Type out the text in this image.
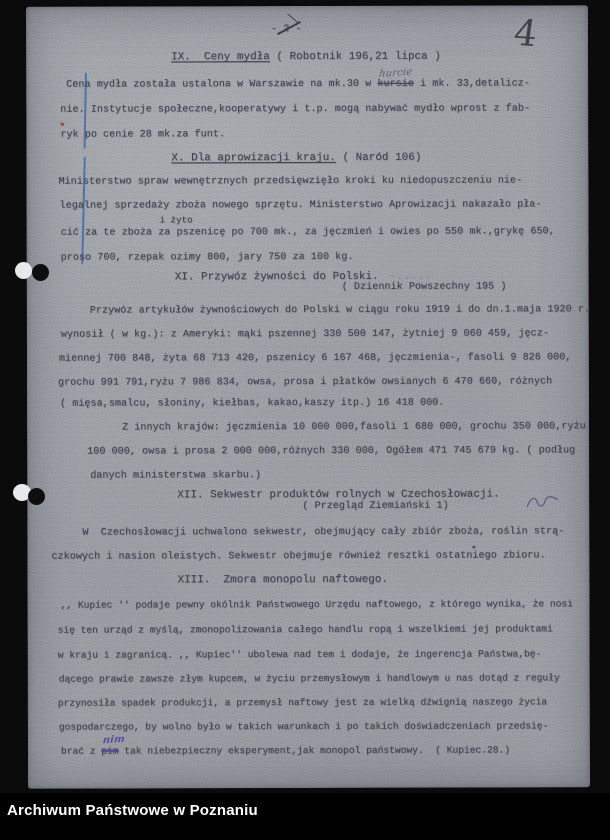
4
- 2 -
IX.  Ceny mydła ( Robotnik 196,21 lipca )
Cena mydła została ustalona w Warszawie na mk.30 w
hurcie
kursie i mk. 33,detalicz-
nie. Instytucje społeczne,kooperatywy i t.p. mogą nabywać mydło wprost z fab-
ryk po cenie 28 mk.za funt.
X. Dla aprowizacji kraju. ( Naród 106)
Ministerstwo spraw wewnętrznych przedsięwzięło kroki ku niedopuszczeniu nie-
legalnej sprzedaży zboża nowego sprzętu. Ministerstwo Aprowizacji nakazało pła-
i żyto
cić za te zboża za pszenicę po 700 mk., za jęczmień i owies po 550 mk.,grykę 650,
proso 700, rzepak ozimy 800, jary 750 za 100 kg.
XI. Przywóz żywności do Polski.   – . . . . .
( Dziennik Powszechny 195 )
Przywóz artykułów żywnościowych do Polski w ciągu roku 1919 i do dn.1.maja 1920 r.
wynosił ( w kg.): z Ameryki: mąki pszennej 330 500 147, żytniej 9 060 459, jęcz-
miennej 700 848, żyta 68 713 420, pszenicy 6 167 468, jęczmienia-, fasoli 9 826 000,
grochu 991 791,ryżu 7 986 834, owsa, prosa i płatków owsianych 6 470 660, różnych
( mięsa,smalcu, słoniny, kiełbas, kakao,kaszy itp.) 16 418 000.
Z innych krajów: jęczmienia 10 000 000,fasoli 1 680 000, grochu 350 000,ryżu
100 000, owsa i prosa 2 000 000,różnych 330 000, Ogółem 471 745 679 kg. ( podług
danych ministerstwa skarbu.)
XII. Sekwestr produktów rolnych w Czechosłowacji.
( Przegląd Ziemiański 1)
W  Czechosłowacji uchwalono sekwestr, obejmujący cały zbiór zboża, roślin strą-
czkowych i nasion oleistych. Sekwestr obejmuje również resztki ostatniego zbioru.
XIII.  Zmora monopolu naftowego.
,, Kupiec '' podaje pewny okólnik Państwowego Urzędu naftowego, z którego wynika, że nosi
się ten urząd z myślą, zmonopolizowania całego handlu ropą i wszelkiemi jej produktami
w kraju i zagranicą. ,, Kupiec'' ubolewa nad tem i dodaje, że ingerencja Państwa,bę-
dącego prawie zawsze złym kupcem, w życiu przemysłowym i handlowym u nas dotąd z reguły
przynosiła spadek produkcji, a przemysł naftowy jest za wielką dźwignią naszego życia
gospodarczego, by wolno było w takich warunkach i po takich doświadczeniach przedsię-
brać z
nim
pim tak niebezpieczny eksperyment,jak monopol państwowy.  ( Kupiec.28.)
Archiwum Państwowe w Poznaniu
